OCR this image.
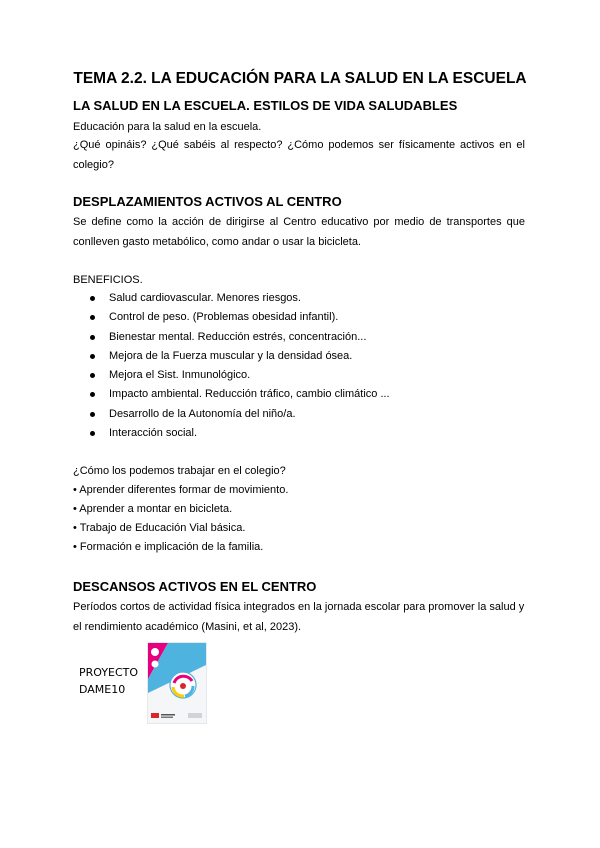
TEMA 2.2. LA EDUCACIÓN PARA LA SALUD EN LA ESCUELA
LA SALUD EN LA ESCUELA. ESTILOS DE VIDA SALUDABLES

Educación para la salud en la escuela.

¿Qué opináis? ¿Qué sabéis al respecto? ¿Cómo podemos ser físicamente activos en el colegio?

DESPLAZAMIENTOS ACTIVOS AL CENTRO

Se define como la acción de dirigirse al Centro educativo por medio de transportes que conlleven gasto metabólico, como andar o usar la bicicleta.

BENEFICIOS.

Salud cardiovascular. Menores riesgos.
Control de peso. (Problemas obesidad infantil).
Bienestar mental. Reducción estrés, concentración...
Mejora de la Fuerza muscular y la densidad ósea.
Mejora el Sist. Inmunológico.
Impacto ambiental. Reducción tráfico, cambio climático ...
Desarrollo de la Autonomía del niño/a.
Interacción social.

¿Cómo los podemos trabajar en el colegio?

• Aprender diferentes formar de movimiento.

• Aprender a montar en bicicleta.

• Trabajo de Educación Vial básica.

• Formación e implicación de la familia.

DESCANSOS ACTIVOS EN EL CENTRO

Períodos cortos de actividad física integrados en la jornada escolar para promover la salud y el rendimiento académico (Masini, et al, 2023).

PROYECTO
DAME10
